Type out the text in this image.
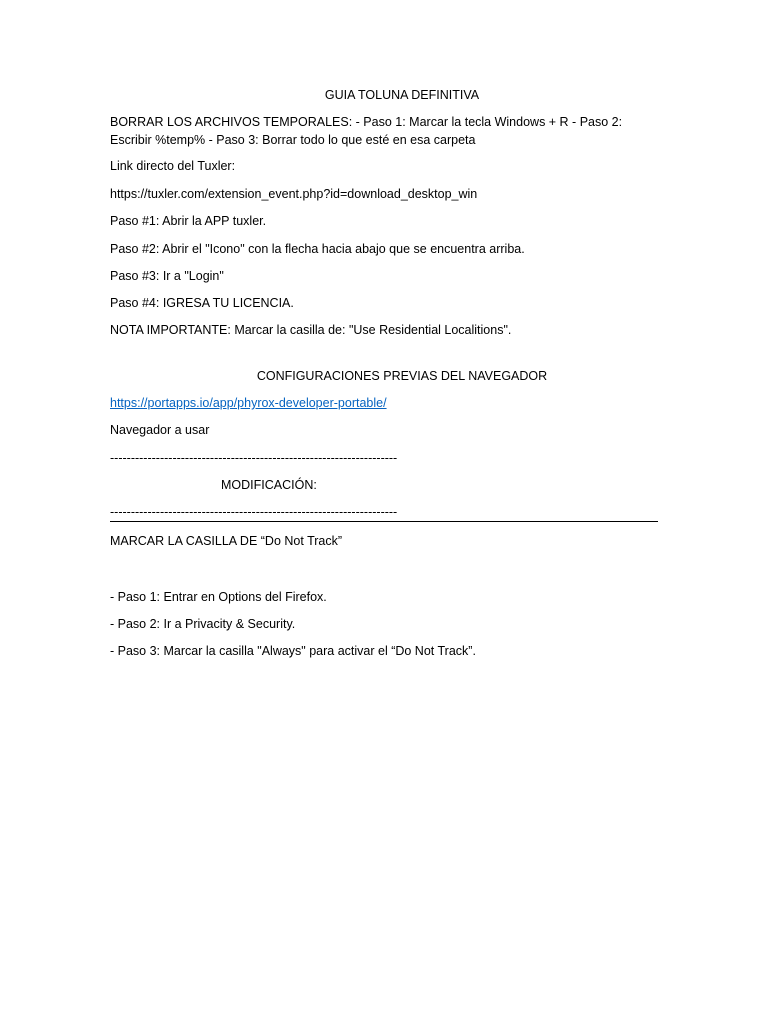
GUIA TOLUNA DEFINITIVA
BORRAR LOS ARCHIVOS TEMPORALES: - Paso 1: Marcar la tecla Windows + R - Paso 2: Escribir %temp% - Paso 3: Borrar todo lo que esté en esa carpeta
Link directo del Tuxler:
https://tuxler.com/extension_event.php?id=download_desktop_win
Paso #1: Abrir la APP tuxler.
Paso #2: Abrir el "Icono" con la flecha hacia abajo que se encuentra arriba.
Paso #3: Ir a "Login"
Paso #4: IGRESA TU LICENCIA.
NOTA IMPORTANTE: Marcar la casilla de: "Use Residential Localitions".
CONFIGURACIONES PREVIAS DEL NAVEGADOR
https://portapps.io/app/phyrox-developer-portable/
Navegador a usar
---------------------------------------------------------------------
MODIFICACIÓN:
---------------------------------------------------------------------
MARCAR LA CASILLA DE “Do Not Track”
- Paso 1: Entrar en Options del Firefox.
- Paso 2: Ir a Privacity & Security.
- Paso 3: Marcar la casilla "Always" para activar el “Do Not Track”.
